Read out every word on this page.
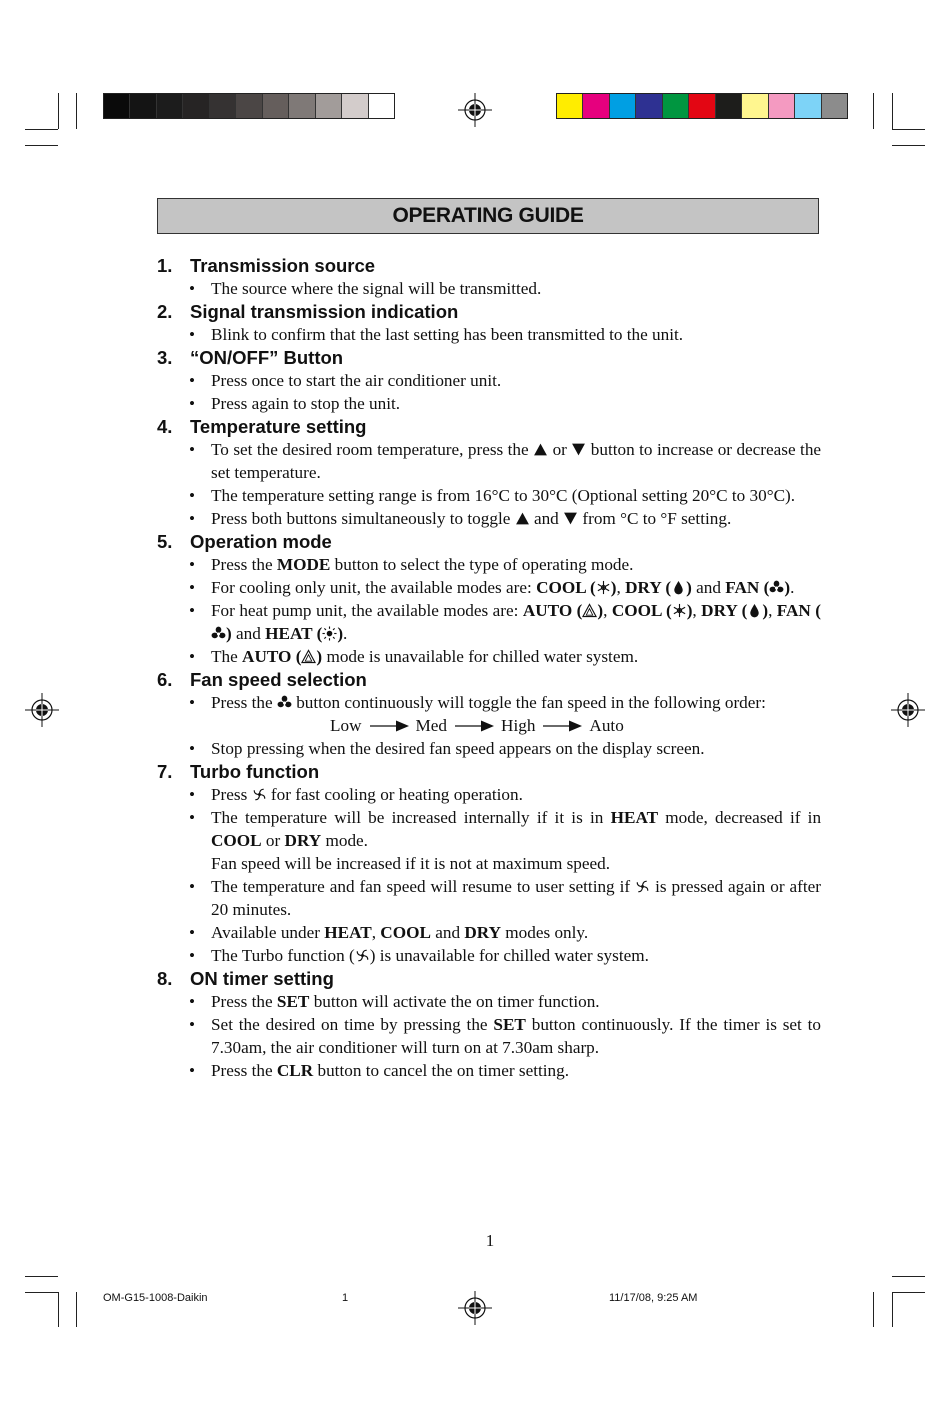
OPERATING GUIDE
1. Transmission source
• The source where the signal will be transmitted.
2. Signal transmission indication
• Blink to confirm that the last setting has been transmitted to the unit.
3. “ON/OFF” Button
• Press once to start the air conditioner unit.
• Press again to stop the unit.
4. Temperature setting
• To set the desired room temperature, press the or button to increase or decrease the set temperature.
• The temperature setting range is from 16°C to 30°C (Optional setting 20°C to 30°C).
• Press both buttons simultaneously to toggle and from °C to °F setting.
5. Operation mode
• Press the MODE button to select the type of operating mode.
• For cooling only unit, the available modes are: COOL ( ), DRY ( ) and FAN ( ).
• For heat pump unit, the available modes are: AUTO ( ), COOL ( ), DRY ( ), FAN () and HEAT ( ).
• The AUTO ( ) mode is unavailable for chilled water system.
6. Fan speed selection
• Press the button continuously will toggle the fan speed in the following order:
Low	Med	High	Auto
• Stop pressing when the desired fan speed appears on the display screen.
7. Turbo function
• Press for fast cooling or heating operation.
• The temperature will be increased internally if it is in HEAT mode, decreased if in COOL or DRY mode.
Fan speed will be increased if it is not at maximum speed.
• The temperature and fan speed will resume to user setting if is pressed again or after 20 minutes.
• Available under HEAT, COOL and DRY modes only.
• The Turbo function ( ) is unavailable for chilled water system.
8. ON timer setting
• Press the SET button will activate the on timer function.
• Set the desired on time by pressing the SET button continuously. If the timer is set to 7.30am, the air conditioner will turn on at 7.30am sharp.
• Press the CLR button to cancel the on timer setting.
1
OM-G15-1008-Daikin	1	11/17/08, 9:25 AM
